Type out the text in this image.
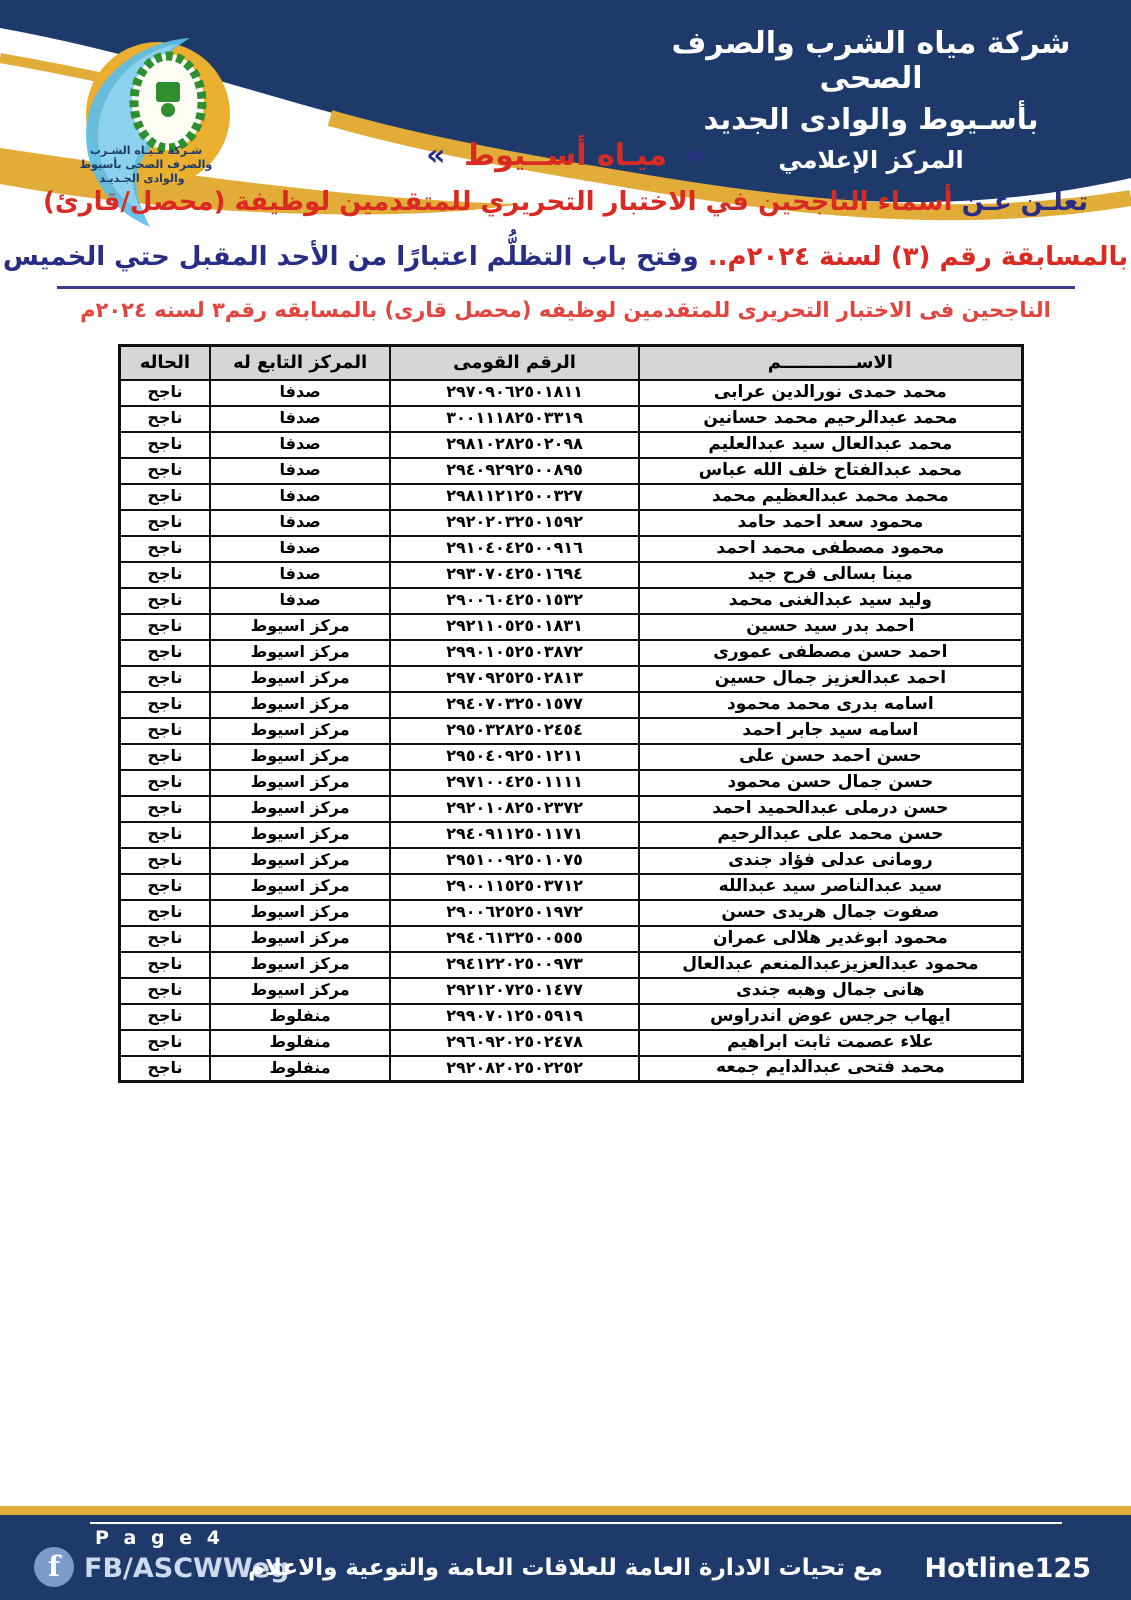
شـركة مـيـاه الشـرب
والصرف الصحى بأسيوط
والوادى الجـديـد
شركة مياه الشرب والصرف الصحى
بأسـيوط والوادى الجديد
المركز الإعلامي
« ميـاه أســيوط »
تعلـن عـن أسماء الناجحين في الاختبار التحريري للمتقدمين لوظيفة (محصل/قارئ)
بالمسابقة رقم (٣) لسنة ٢٠٢٤م.. وفتح باب التظلُّم اعتبارًا من الأحد المقبل حتي الخميس
الناجحين فى الاختبار التحريرى للمتقدمين لوظيفه (محصل قارى) بالمسابقه رقم٣ لسنه ٢٠٢٤م
الاســــــــــــم	الرقم القومى	المركز التابع له	الحاله
محمد حمدى نورالدين عرابى	٢٩٧٠٩٠٦٢٥٠١٨١١	صدفا	ناجح
محمد عبدالرحيم محمد حسانين	٣٠٠١١١٨٢٥٠٣٣١٩	صدفا	ناجح
محمد عبدالعال سيد عبدالعليم	٢٩٨١٠٢٨٢٥٠٢٠٩٨	صدفا	ناجح
محمد عبدالفتاح خلف الله عباس	٢٩٤٠٩٢٩٢٥٠٠٨٩٥	صدفا	ناجح
محمد محمد عبدالعظيم محمد	٢٩٨١١٢١٢٥٠٠٣٢٧	صدفا	ناجح
محمود سعد احمد حامد	٢٩٢٠٢٠٣٢٥٠١٥٩٢	صدفا	ناجح
محمود مصطفى محمد احمد	٢٩١٠٤٠٤٢٥٠٠٩١٦	صدفا	ناجح
مينا بسالى فرح جيد	٢٩٣٠٧٠٤٢٥٠١٦٩٤	صدفا	ناجح
وليد سيد عبدالغنى محمد	٢٩٠٠٦٠٤٢٥٠١٥٣٢	صدفا	ناجح
احمد بدر سيد حسين	٢٩٢١١٠٥٢٥٠١٨٣١	مركز اسيوط	ناجح
احمد حسن مصطفى عمورى	٢٩٩٠١٠٥٢٥٠٣٨٧٢	مركز اسيوط	ناجح
احمد عبدالعزيز جمال حسين	٢٩٧٠٩٢٥٢٥٠٢٨١٣	مركز اسيوط	ناجح
اسامه بدرى محمد محمود	٢٩٤٠٧٠٣٢٥٠١٥٧٧	مركز اسيوط	ناجح
اسامه سيد جابر احمد	٢٩٥٠٣٢٨٢٥٠٢٤٥٤	مركز اسيوط	ناجح
حسن احمد حسن على	٢٩٥٠٤٠٩٢٥٠١٢١١	مركز اسيوط	ناجح
حسن جمال حسن محمود	٢٩٧١٠٠٤٢٥٠١١١١	مركز اسيوط	ناجح
حسن درملى عبدالحميد احمد	٢٩٢٠١٠٨٢٥٠٢٣٧٢	مركز اسيوط	ناجح
حسن محمد على عبدالرحيم	٢٩٤٠٩١١٢٥٠١١٧١	مركز اسيوط	ناجح
رومانى عدلى فؤاد جندى	٢٩٥١٠٠٩٢٥٠١٠٧٥	مركز اسيوط	ناجح
سيد عبدالناصر سيد عبدالله	٢٩٠٠١١٥٢٥٠٣٧١٢	مركز اسيوط	ناجح
صفوت جمال هريدى حسن	٢٩٠٠٦٢٥٢٥٠١٩٧٢	مركز اسيوط	ناجح
محمود ابوغدير هلالى عمران	٢٩٤٠٦١٣٢٥٠٠٥٥٥	مركز اسيوط	ناجح
محمود عبدالعزيزعبدالمنعم عبدالعال	٢٩٤١٢٢٠٢٥٠٠٩٧٣	مركز اسيوط	ناجح
هانى جمال وهبه جندى	٢٩٢١٢٠٧٢٥٠١٤٧٧	مركز اسيوط	ناجح
ايهاب جرجس عوض اندراوس	٢٩٩٠٧٠١٢٥٠٥٩١٩	منفلوط	ناجح
علاء عصمت ثابت ابراهيم	٢٩٦٠٩٢٠٢٥٠٢٤٧٨	منفلوط	ناجح
محمد فتحى عبدالدايم جمعه	٢٩٢٠٨٢٠٢٥٠٢٢٥٢	منفلوط	ناجح
P a g e 4
f FB/ASCWWeg
مع تحيات الادارة العامة للعلاقات العامة والتوعية والاعلام	Hotline125
